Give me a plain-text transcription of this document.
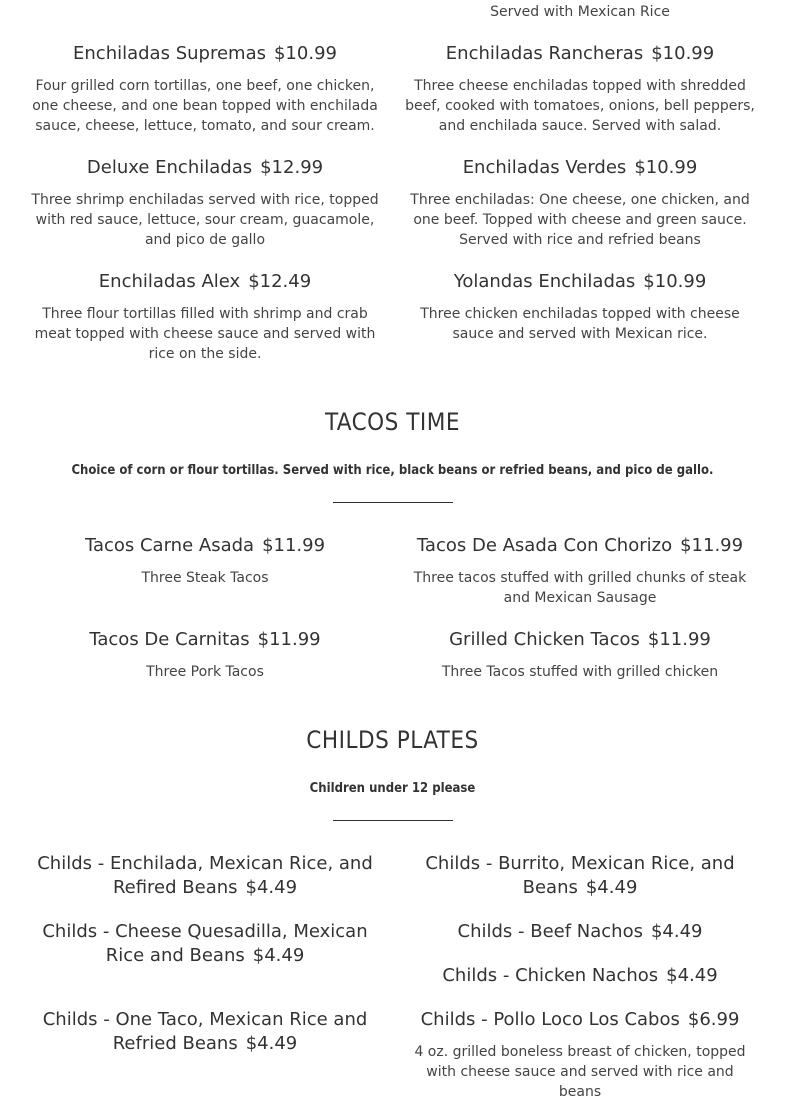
Served with Mexican Rice
Enchiladas Supremas $10.99
Four grilled corn tortillas, one beef, one chicken, one cheese, and one bean topped with enchilada sauce, cheese, lettuce, tomato, and sour cream.
Enchiladas Rancheras $10.99
Three cheese enchiladas topped with shredded beef, cooked with tomatoes, onions, bell peppers, and enchilada sauce. Served with salad.
Deluxe Enchiladas $12.99
Three shrimp enchiladas served with rice, topped with red sauce, lettuce, sour cream, guacamole, and pico de gallo
Enchiladas Verdes $10.99
Three enchiladas: One cheese, one chicken, and one beef. Topped with cheese and green sauce. Served with rice and refried beans
Enchiladas Alex $12.49
Three flour tortillas filled with shrimp and crab meat topped with cheese sauce and served with rice on the side.
Yolandas Enchiladas $10.99
Three chicken enchiladas topped with cheese sauce and served with Mexican rice.
TACOS TIME
Choice of corn or flour tortillas. Served with rice, black beans or refried beans, and pico de gallo.
Tacos Carne Asada $11.99
Three Steak Tacos
Tacos De Asada Con Chorizo $11.99
Three tacos stuffed with grilled chunks of steak and Mexican Sausage
Tacos De Carnitas $11.99
Three Pork Tacos
Grilled Chicken Tacos $11.99
Three Tacos stuffed with grilled chicken
CHILDS PLATES
Children under 12 please
Childs - Enchilada, Mexican Rice, and Refired Beans $4.49
Childs - Burrito, Mexican Rice, and Beans $4.49
Childs - Cheese Quesadilla, Mexican Rice and Beans $4.49
Childs - Beef Nachos $4.49
Childs - Chicken Nachos $4.49
Childs - One Taco, Mexican Rice and Refried Beans $4.49
Childs - Pollo Loco Los Cabos $6.99
4 oz. grilled boneless breast of chicken, topped with cheese sauce and served with rice and beans
